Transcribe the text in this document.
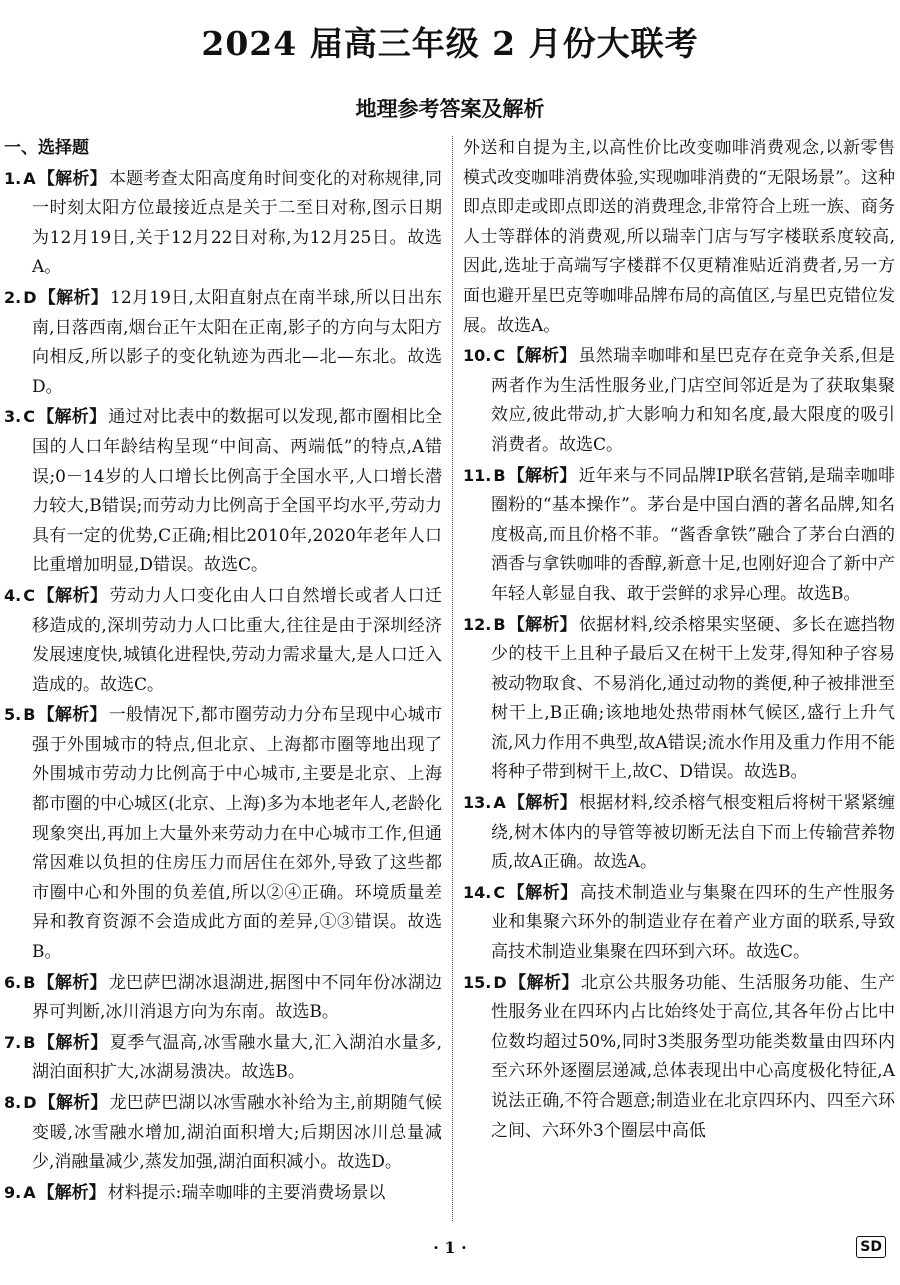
2024 届高三年级 2 月份大联考
地理参考答案及解析
一、选择题

1. A 【解析】 本题考查太阳高度角时间变化的对称规律,同一时刻太阳方位最接近点是关于二至日对称,图示日期为12月19日,关于12月22日对称,为12月25日。故选A。

2. D 【解析】 12月19日,太阳直射点在南半球,所以日出东南,日落西南,烟台正午太阳在正南,影子的方向与太阳方向相反,所以影子的变化轨迹为西北—北—东北。故选D。

3. C 【解析】 通过对比表中的数据可以发现,都市圈相比全国的人口年龄结构呈现“中间高、两端低”的特点,A错误;0－14岁的人口增长比例高于全国水平,人口增长潜力较大,B错误;而劳动力比例高于全国平均水平,劳动力具有一定的优势,C正确;相比2010年,2020年老年人口比重增加明显,D错误。故选C。

4. C 【解析】 劳动力人口变化由人口自然增长或者人口迁移造成的,深圳劳动力人口比重大,往往是由于深圳经济发展速度快,城镇化进程快,劳动力需求量大,是人口迁入造成的。故选C。

5. B 【解析】 一般情况下,都市圈劳动力分布呈现中心城市强于外围城市的特点,但北京、上海都市圈等地出现了外围城市劳动力比例高于中心城市,主要是北京、上海都市圈的中心城区(北京、上海)多为本地老年人,老龄化现象突出,再加上大量外来劳动力在中心城市工作,但通常因难以负担的住房压力而居住在郊外,导致了这些都市圈中心和外围的负差值,所以②④正确。环境质量差异和教育资源不会造成此方面的差异,①③错误。故选B。

6. B 【解析】 龙巴萨巴湖冰退湖进,据图中不同年份冰湖边界可判断,冰川消退方向为东南。故选B。

7. B 【解析】 夏季气温高,冰雪融水量大,汇入湖泊水量多,湖泊面积扩大,冰湖易溃决。故选B。

8. D 【解析】 龙巴萨巴湖以冰雪融水补给为主,前期随气候变暖,冰雪融水增加,湖泊面积增大;后期因冰川总量减少,消融量减少,蒸发加强,湖泊面积减小。故选D。

9. A 【解析】 材料提示:瑞幸咖啡的主要消费场景以

外送和自提为主,以高性价比改变咖啡消费观念,以新零售模式改变咖啡消费体验,实现咖啡消费的“无限场景”。这种即点即走或即点即送的消费理念,非常符合上班一族、商务人士等群体的消费观,所以瑞幸门店与写字楼联系度较高,因此,选址于高端写字楼群不仅更精准贴近消费者,另一方面也避开星巴克等咖啡品牌布局的高值区,与星巴克错位发展。故选A。

10. C 【解析】 虽然瑞幸咖啡和星巴克存在竞争关系,但是两者作为生活性服务业,门店空间邻近是为了获取集聚效应,彼此带动,扩大影响力和知名度,最大限度的吸引消费者。故选C。

11. B 【解析】 近年来与不同品牌IP联名营销,是瑞幸咖啡圈粉的“基本操作”。茅台是中国白酒的著名品牌,知名度极高,而且价格不菲。“酱香拿铁”融合了茅台白酒的酒香与拿铁咖啡的香醇,新意十足,也刚好迎合了新中产年轻人彰显自我、敢于尝鲜的求异心理。故选B。

12. B 【解析】 依据材料,绞杀榕果实坚硬、多长在遮挡物少的枝干上且种子最后又在树干上发芽,得知种子容易被动物取食、不易消化,通过动物的粪便,种子被排泄至树干上,B正确;该地地处热带雨林气候区,盛行上升气流,风力作用不典型,故A错误;流水作用及重力作用不能将种子带到树干上,故C、D错误。故选B。

13. A 【解析】 根据材料,绞杀榕气根变粗后将树干紧紧缠绕,树木体内的导管等被切断无法自下而上传输营养物质,故A正确。故选A。

14. C 【解析】 高技术制造业与集聚在四环的生产性服务业和集聚六环外的制造业存在着产业方面的联系,导致高技术制造业集聚在四环到六环。故选C。

15. D 【解析】 北京公共服务功能、生活服务功能、生产性服务业在四环内占比始终处于高位,其各年份占比中位数均超过50%,同时3类服务型功能类数量由四环内至六环外逐圈层递减,总体表现出中心高度极化特征,A说法正确,不符合题意;制造业在北京四环内、四至六环之间、六环外3个圈层中高低

· 1 ·	SD
